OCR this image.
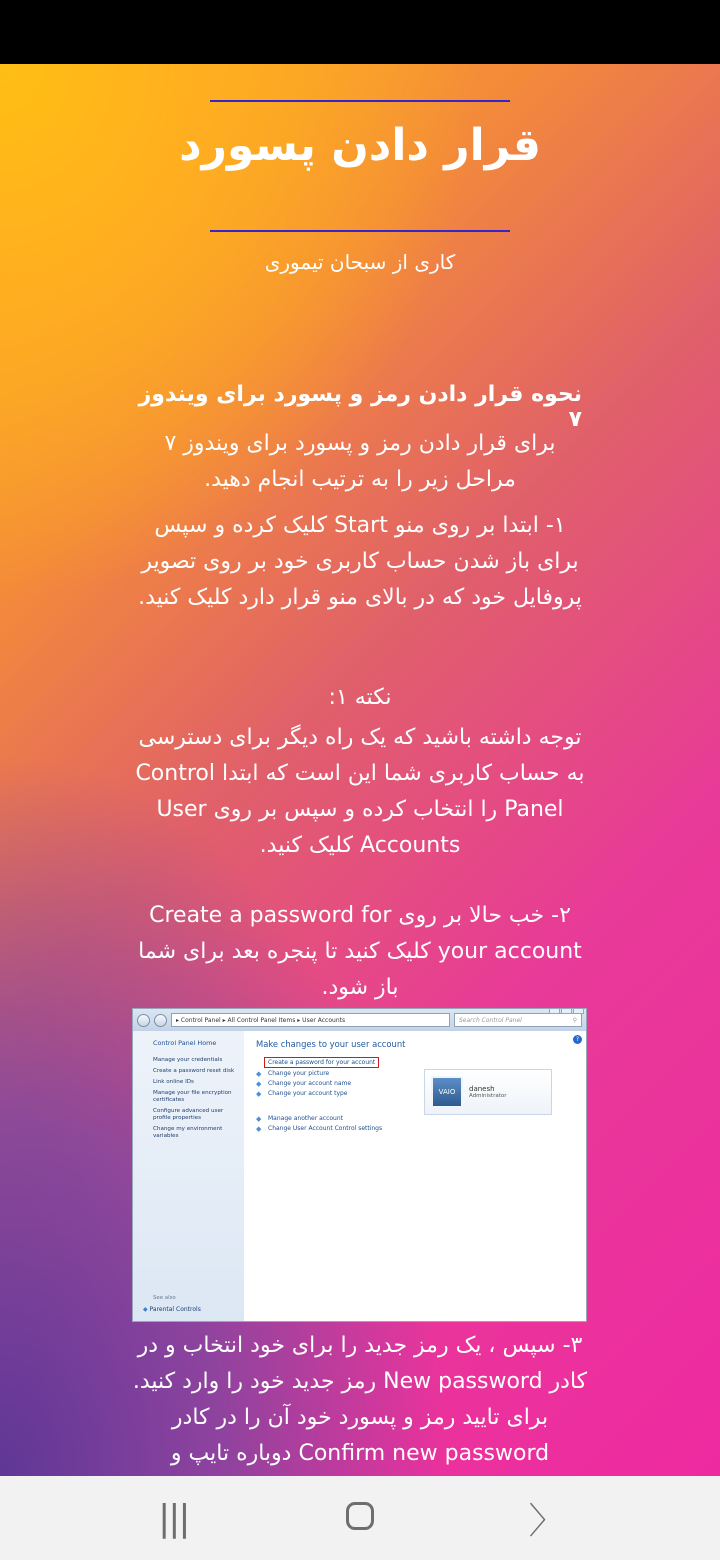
قرار دادن پسورد
کاری از سبحان تیموری
نحوه قرار دادن رمز و پسورد برای ویندوز ۷
برای قرار دادن رمز و پسورد برای ویندوز ۷ مراحل زیر را به ترتیب انجام دهید.
۱- ابتدا بر روی منو Start کلیک کرده و سپس برای باز شدن حساب کاربری خود بر روی تصویر پروفایل خود که در بالای منو قرار دارد کلیک کنید.
نکته ۱:
توجه داشته باشید که یک راه دیگر برای دسترسی به حساب کاربری شما این است که ابتدا Control Panel را انتخاب کرده و سپس بر روی User Accounts کلیک کنید.
۲- خب حالا بر روی Create a password for your account کلیک کنید تا پنجره بعد برای شما باز شود.
▸ Control Panel ▸ All Control Panel Items ▸ User Accounts	Search Control Panel	⚲
Control Panel Home
Manage your credentials
Create a password reset disk
Link online IDs
Manage your file encryption certificates
Configure advanced user profile properties
Change my environment variables
See also
◆ Parental Controls
?
Make changes to your user account
Create a password for your account
◆ Change your picture
◆ Change your account name
◆ Change your account type
◆ Manage another account
◆ Change User Account Control settings
VAIO	danesh
Administrator
۳- سپس ، یک رمز جدید را برای خود انتخاب و در کادر New password رمز جدید خود را وارد کنید. برای تایید رمز و پسورد خود آن را در کادر Confirm new password دوباره تایپ و
|||	〉
